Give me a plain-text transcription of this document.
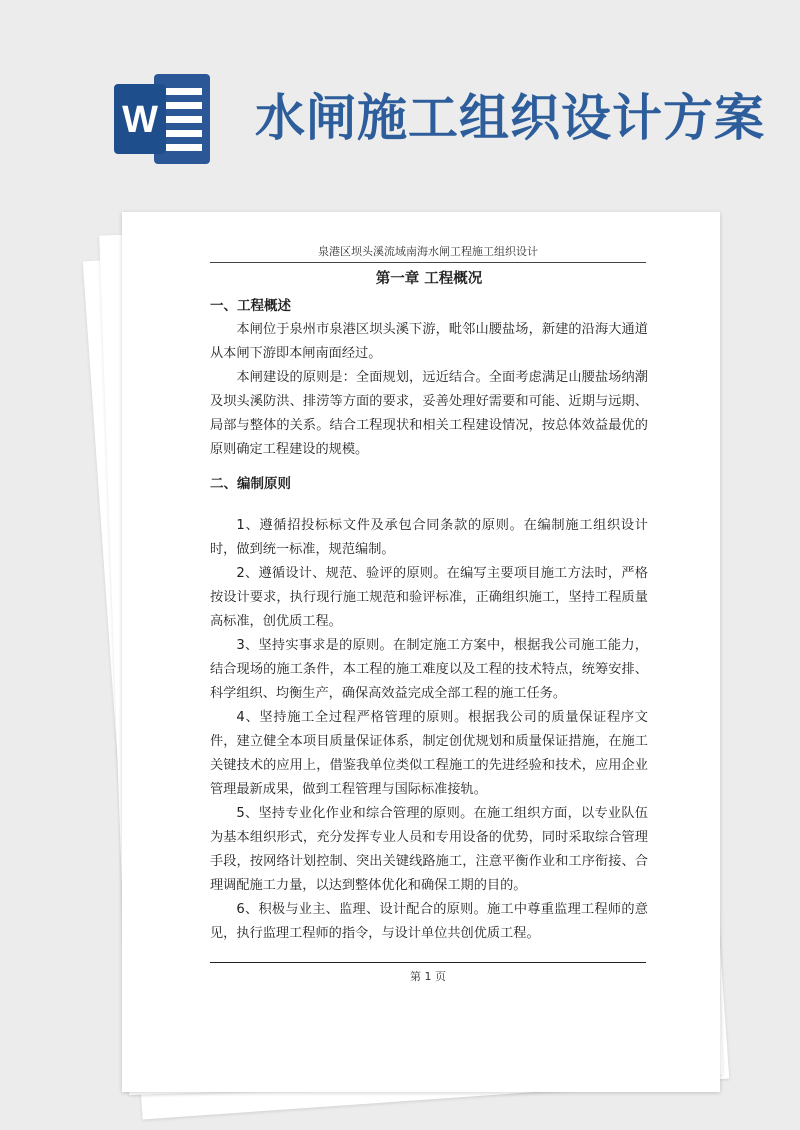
W 水闸施工组织设计方案
泉港区坝头溪流域南海水闸工程施工组织设计
第一章 工程概况
一、工程概述

本闸位于泉州市泉港区坝头溪下游，毗邻山腰盐场，新建的沿海大通道从本闸下游即本闸南面经过。

本闸建设的原则是：全面规划，远近结合。全面考虑满足山腰盐场纳潮及坝头溪防洪、排涝等方面的要求，妥善处理好需要和可能、近期与远期、局部与整体的关系。结合工程现状和相关工程建设情况，按总体效益最优的原则确定工程建设的规模。

二、编制原则

1、遵循招投标标文件及承包合同条款的原则。在编制施工组织设计时，做到统一标准，规范编制。

2、遵循设计、规范、验评的原则。在编写主要项目施工方法时，严格按设计要求，执行现行施工规范和验评标准，正确组织施工，坚持工程质量高标准，创优质工程。

3、坚持实事求是的原则。在制定施工方案中，根据我公司施工能力，结合现场的施工条件，本工程的施工难度以及工程的技术特点，统筹安排、科学组织、均衡生产，确保高效益完成全部工程的施工任务。

4、坚持施工全过程严格管理的原则。根据我公司的质量保证程序文件，建立健全本项目质量保证体系，制定创优规划和质量保证措施，在施工关键技术的应用上，借鉴我单位类似工程施工的先进经验和技术，应用企业管理最新成果，做到工程管理与国际标准接轨。

5、坚持专业化作业和综合管理的原则。在施工组织方面，以专业队伍为基本组织形式，充分发挥专业人员和专用设备的优势，同时采取综合管理手段，按网络计划控制、突出关键线路施工，注意平衡作业和工序衔接、合理调配施工力量，以达到整体优化和确保工期的目的。

6、积极与业主、监理、设计配合的原则。施工中尊重监理工程师的意见，执行监理工程师的指令，与设计单位共创优质工程。

第 1 页
